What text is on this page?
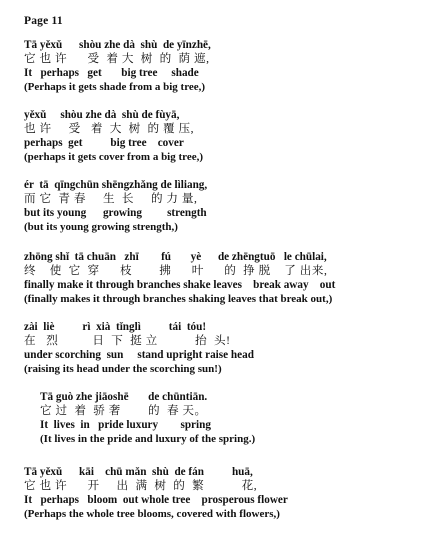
Page 11
Tā yěxǔ      shòu zhe dà  shù  de yīnzhē,
它 也 许      受  着 大  树  的  荫 遮,
It   perhaps   get       big tree     shade
(Perhaps it gets shade from a big tree,)
yěxǔ     shòu zhe dà  shù de fùyā,
也 许     受   着  大  树  的 覆 压,
perhaps  get          big tree    cover
(perhaps it gets cover from a big tree,)
ér  tā  qīngchūn shēngzhǎng de lìliang,
而 它  青 春     生  长     的 力 量,
but its young      growing         strength
(but its young growing strength,)
zhōng shǐ  tā chuān   zhī        fú       yè      de zhēngtuō   le chūlai,
终    使  它  穿      枝        拂      叶      的  挣 脱    了 出来,
finally make it through branches shake leaves    break away    out
(finally makes it through branches shaking leaves that break out,)
zài  liè          rì  xià  tǐnglì          tái  tóu!
在   烈          日  下  挺 立           抬  头!
under scorching  sun     stand upright raise head
(raising its head under the scorching sun!)
Tā guò zhe jiāoshē       de chūntiān.
它 过  着  骄 奢        的  春 天。
It  lives  in   pride luxury        spring
(It lives in the pride and luxury of the spring.)
Tā yěxǔ      kāi    chū mǎn  shù  de fán          huā,
它 也 许      开     出  满  树  的  繁           花,
It   perhaps   bloom  out whole tree    prosperous flower
(Perhaps the whole tree blooms, covered with flowers,)
